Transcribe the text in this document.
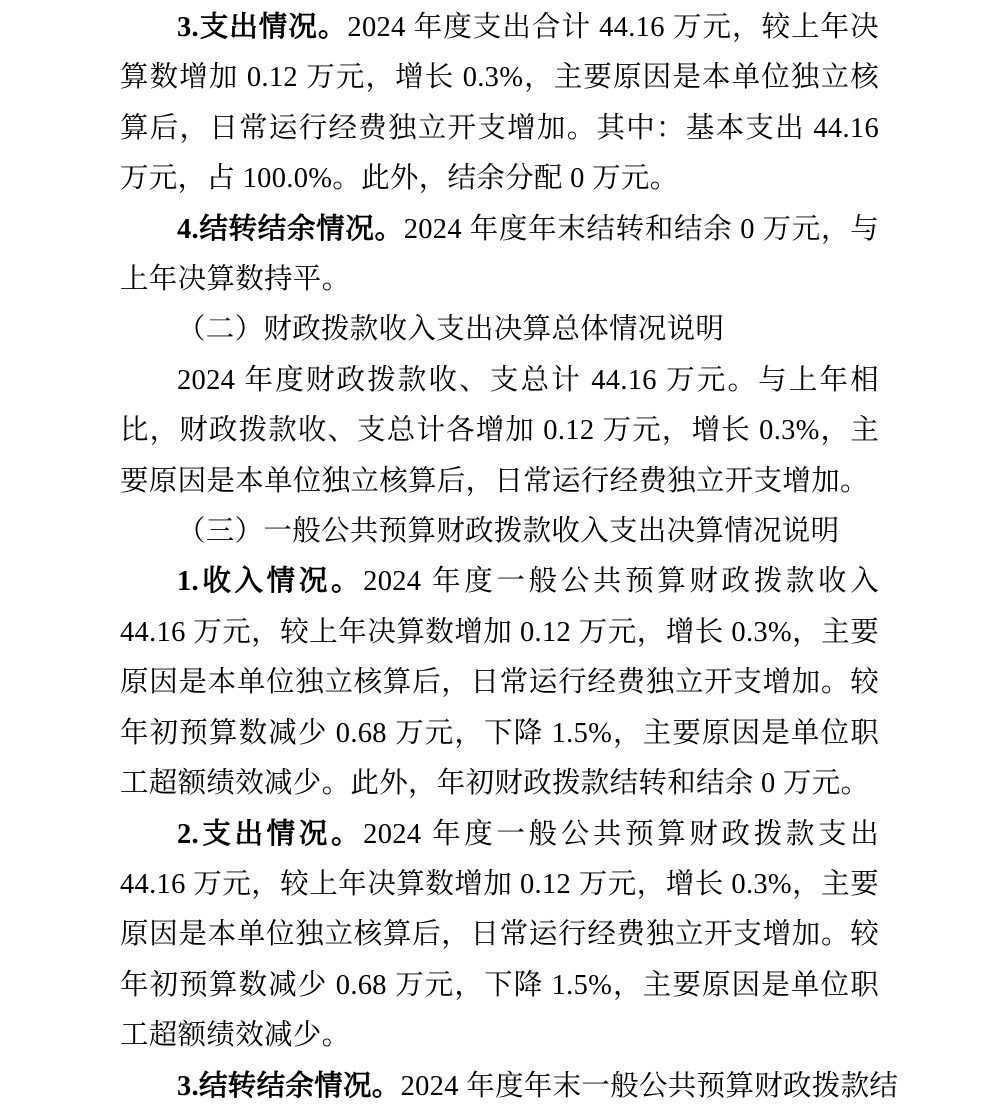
3.支出情况。2024 年度支出合计 44.16 万元，较上年决算数增加 0.12 万元，增长 0.3%，主要原因是本单位独立核算后，日常运行经费独立开支增加。其中：基本支出 44.16 万元，占 100.0%。此外，结余分配 0 万元。

4.结转结余情况。2024 年度年末结转和结余 0 万元，与上年决算数持平。

（二）财政拨款收入支出决算总体情况说明

2024 年度财政拨款收、支总计 44.16 万元。与上年相比，财政拨款收、支总计各增加 0.12 万元，增长 0.3%，主要原因是本单位独立核算后，日常运行经费独立开支增加。

（三）一般公共预算财政拨款收入支出决算情况说明

1.收入情况。2024 年度一般公共预算财政拨款收入 44.16 万元，较上年决算数增加 0.12 万元，增长 0.3%，主要原因是本单位独立核算后，日常运行经费独立开支增加。较年初预算数减少 0.68 万元，下降 1.5%，主要原因是单位职工超额绩效减少。此外，年初财政拨款结转和结余 0 万元。

2.支出情况。2024 年度一般公共预算财政拨款支出 44.16 万元，较上年决算数增加 0.12 万元，增长 0.3%，主要原因是本单位独立核算后，日常运行经费独立开支增加。较年初预算数减少 0.68 万元，下降 1.5%，主要原因是单位职工超额绩效减少。

3.结转结余情况。2024 年度年末一般公共预算财政拨款结
